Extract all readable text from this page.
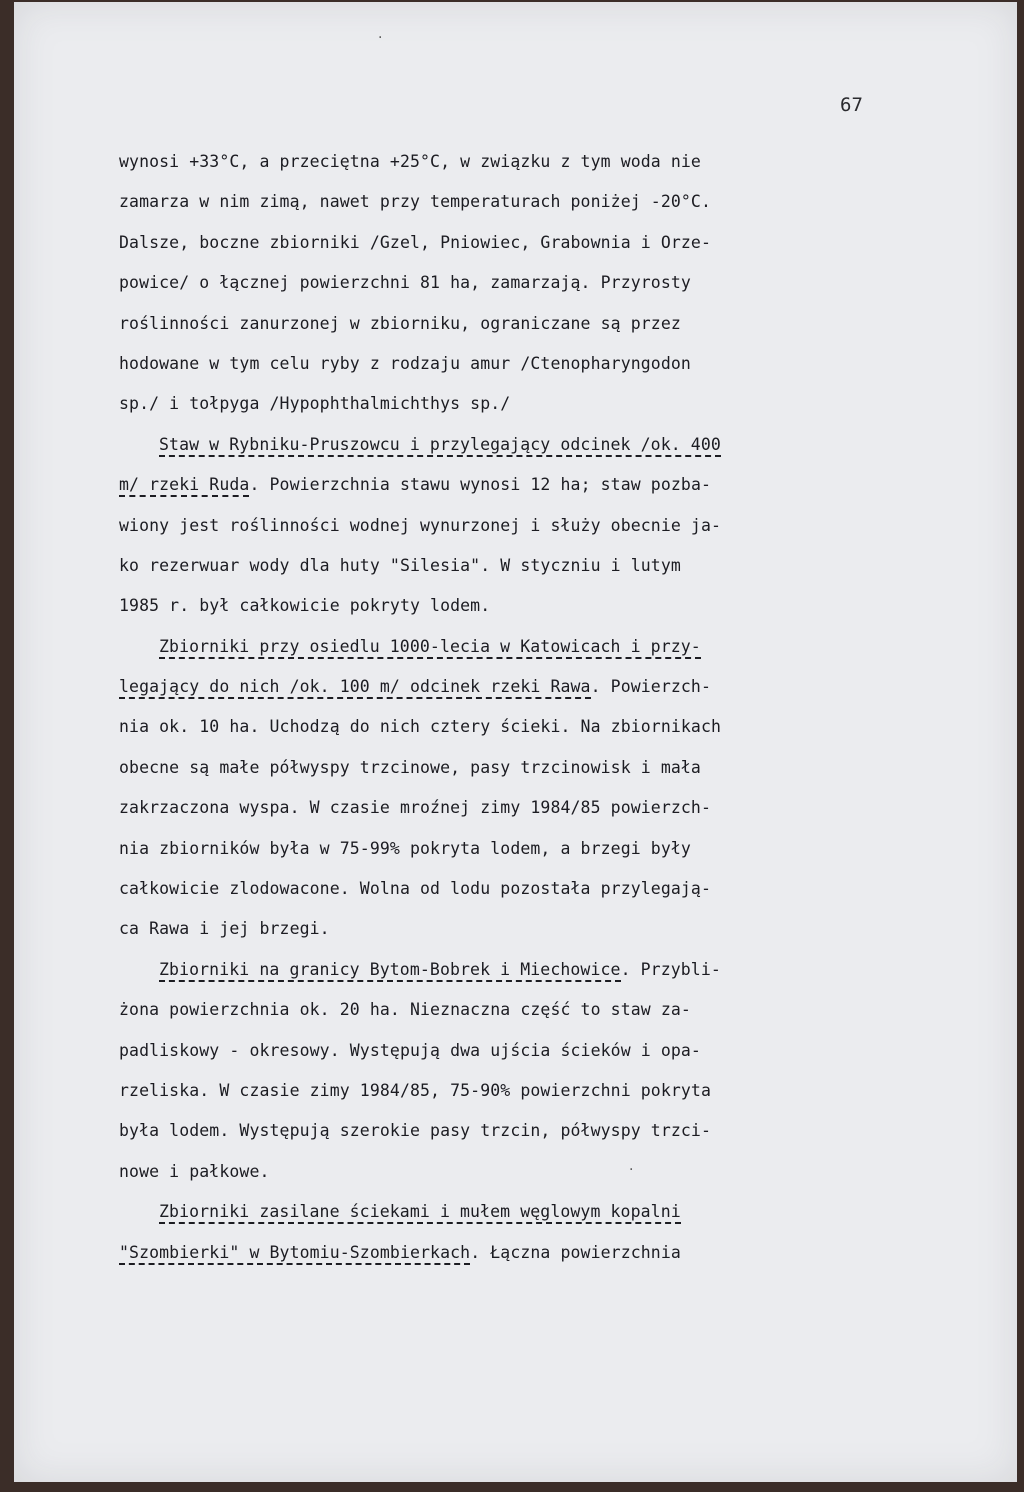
67
·
·
wynosi +33°C, a przeciętna +25°C, w związku z tym woda nie
zamarza w nim zimą, nawet przy temperaturach poniżej -20°C.
Dalsze, boczne zbiorniki /Gzel, Pniowiec, Grabownia i Orze-
powice/ o łącznej powierzchni 81 ha, zamarzają. Przyrosty
roślinności zanurzonej w zbiorniku, ograniczane są przez
hodowane w tym celu ryby z rodzaju amur /Ctenopharyngodon
sp./ i tołpyga /Hypophthalmichthys sp./
Staw w Rybniku-Pruszowcu i przylegający odcinek /ok. 400
m/ rzeki Ruda. Powierzchnia stawu wynosi 12 ha; staw pozba-
wiony jest roślinności wodnej wynurzonej i służy obecnie ja-
ko rezerwuar wody dla huty "Silesia". W styczniu i lutym
1985 r. był całkowicie pokryty lodem.
Zbiorniki przy osiedlu 1000-lecia w Katowicach i przy-
legający do nich /ok. 100 m/ odcinek rzeki Rawa. Powierzch-
nia ok. 10 ha. Uchodzą do nich cztery ścieki. Na zbiornikach
obecne są małe półwyspy trzcinowe, pasy trzcinowisk i mała
zakrzaczona wyspa. W czasie mroźnej zimy 1984/85 powierzch-
nia zbiorników była w 75-99% pokryta lodem, a brzegi były
całkowicie zlodowacone. Wolna od lodu pozostała przylegają-
ca Rawa i jej brzegi.
Zbiorniki na granicy Bytom-Bobrek i Miechowice. Przybli-
żona powierzchnia ok. 20 ha. Nieznaczna część to staw za-
padliskowy - okresowy. Występują dwa ujścia ścieków i opa-
rzeliska. W czasie zimy 1984/85, 75-90% powierzchni pokryta
była lodem. Występują szerokie pasy trzcin, półwyspy trzci-
nowe i pałkowe.
Zbiorniki zasilane ściekami i mułem węglowym kopalni
"Szombierki" w Bytomiu-Szombierkach. Łączna powierzchnia
